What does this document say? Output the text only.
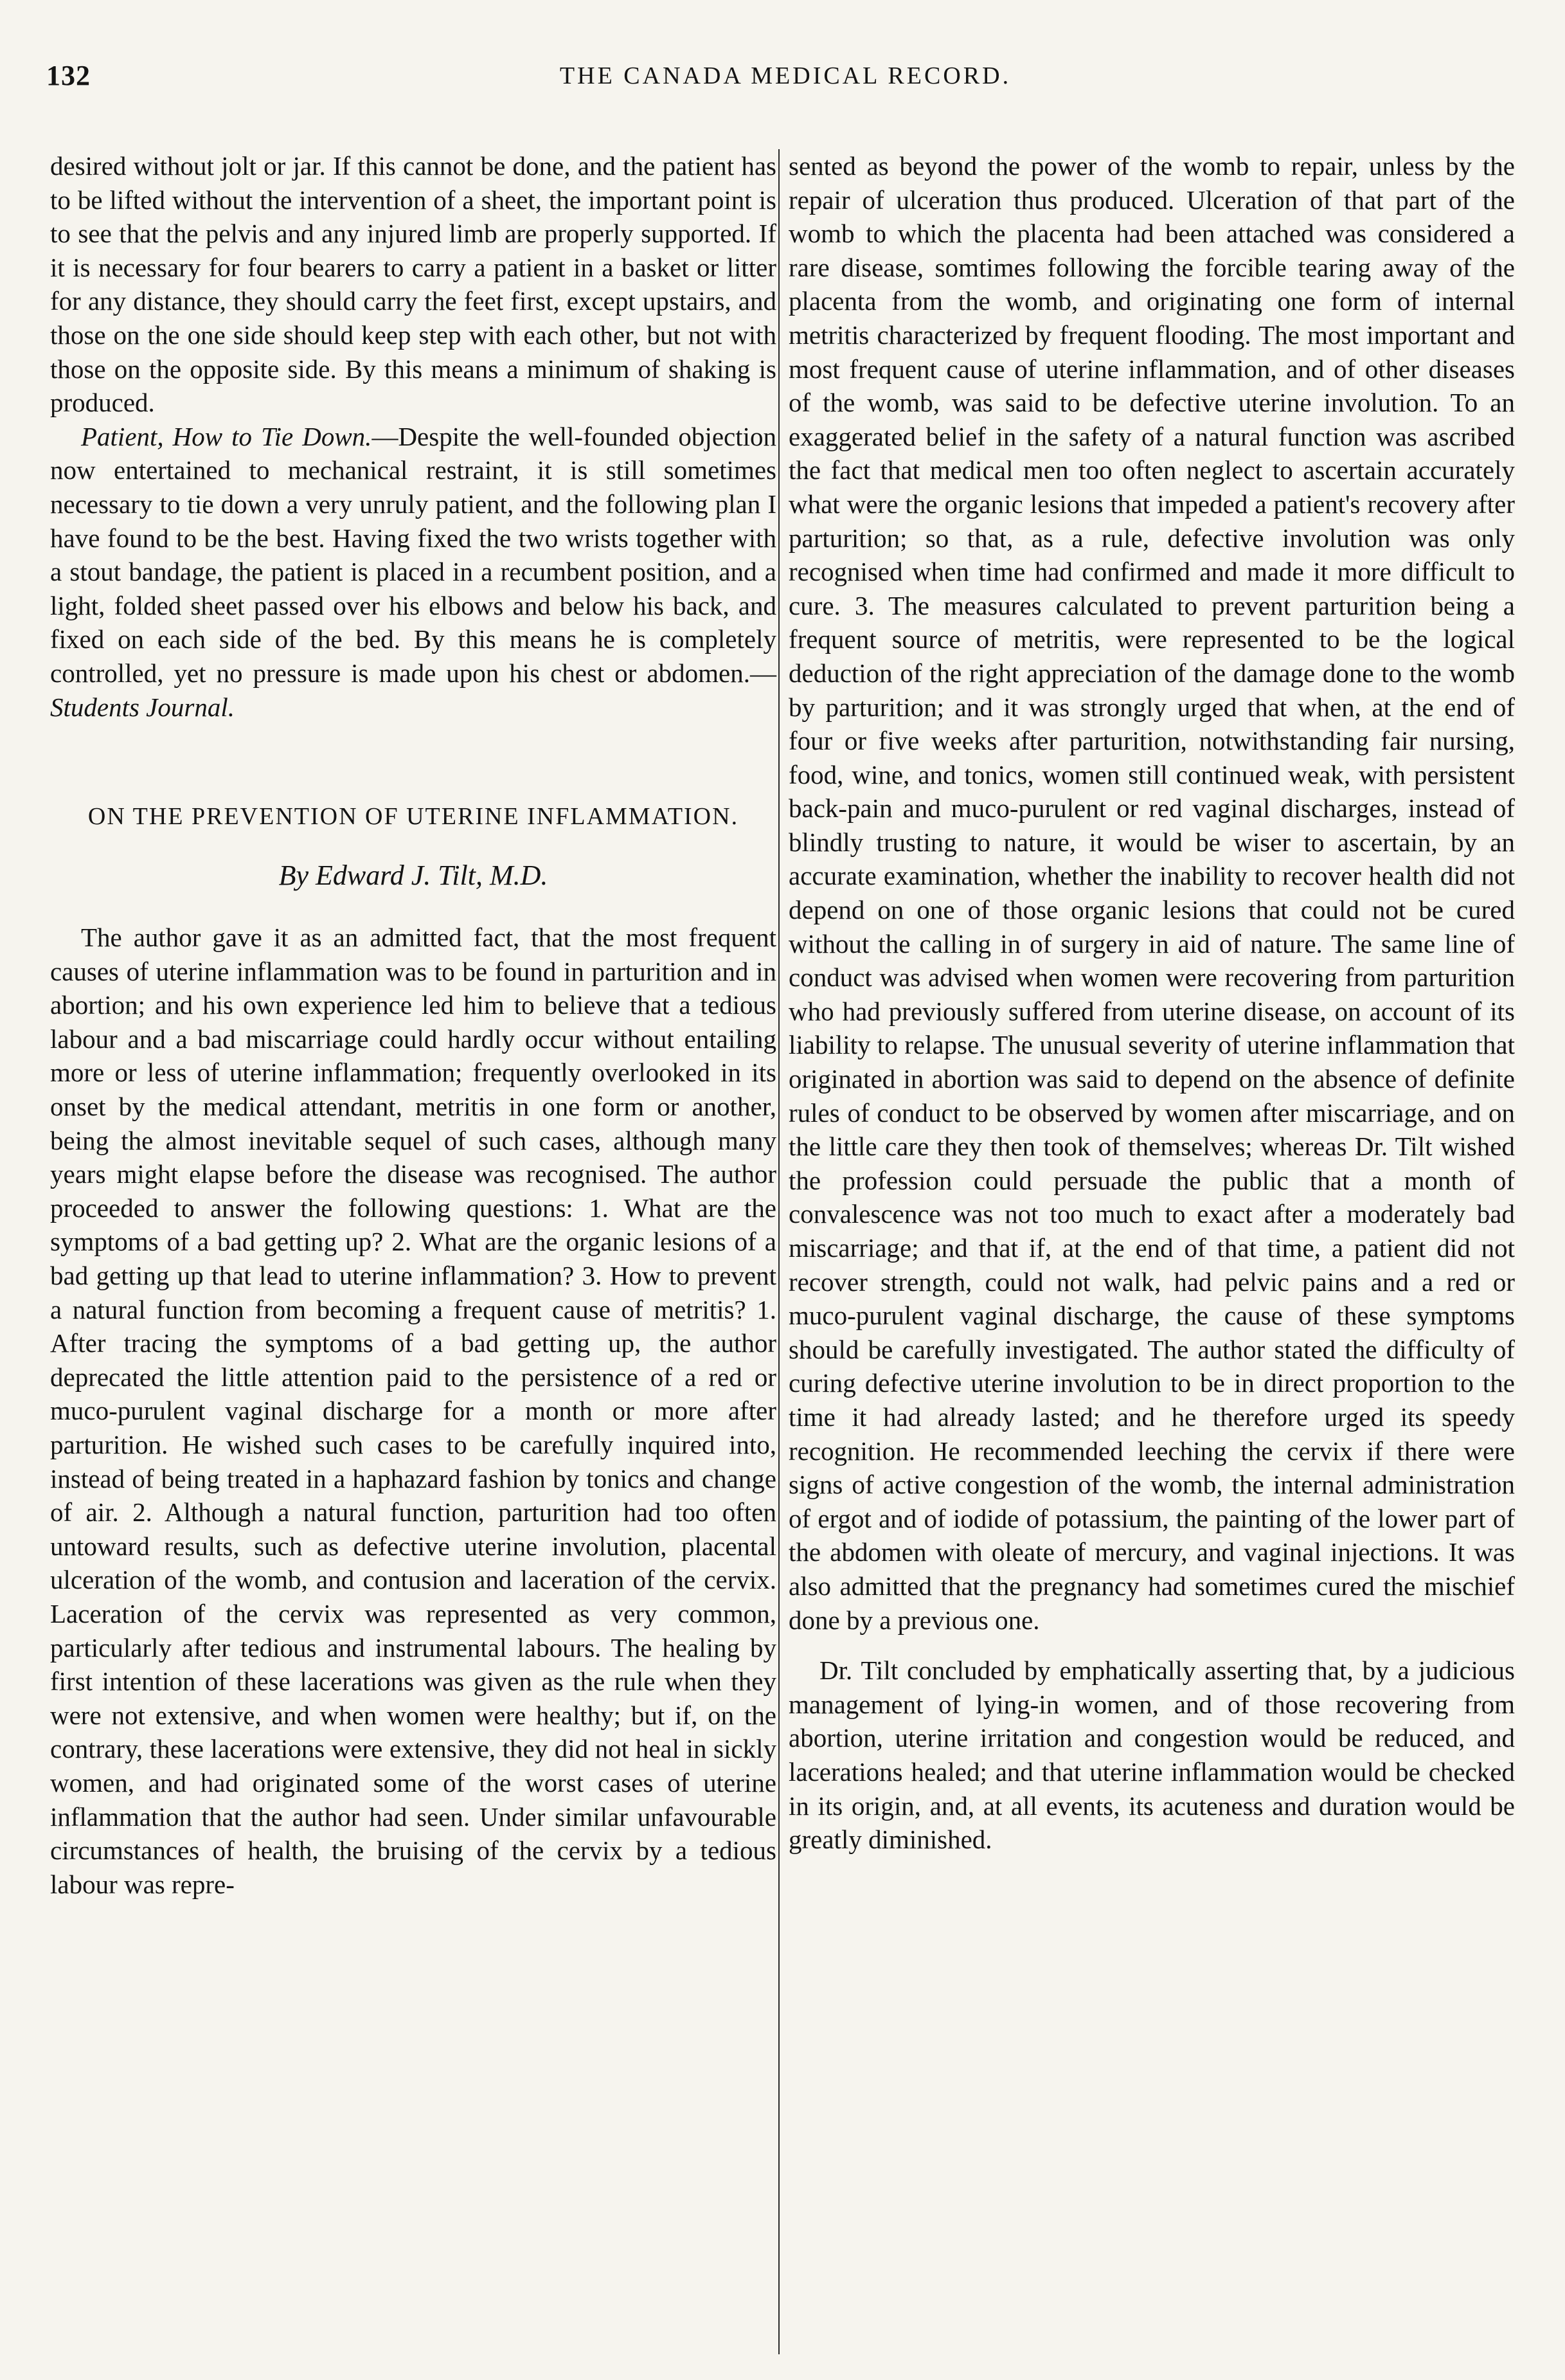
132	THE CANADA MEDICAL RECORD.

desired without jolt or jar. If this cannot be done, and the patient has to be lifted without the intervention of a sheet, the important point is to see that the pelvis and any injured limb are properly supported. If it is necessary for four bearers to carry a patient in a basket or litter for any distance, they should carry the feet first, except upstairs, and those on the one side should keep step with each other, but not with those on the opposite side. By this means a minimum of shaking is produced.

Patient, How to Tie Down.—Despite the well-founded objection now entertained to mechanical restraint, it is still sometimes necessary to tie down a very unruly patient, and the following plan I have found to be the best. Having fixed the two wrists together with a stout bandage, the patient is placed in a recumbent position, and a light, folded sheet passed over his elbows and below his back, and fixed on each side of the bed. By this means he is completely controlled, yet no pressure is made upon his chest or abdomen.—Students Journal.

ON THE PREVENTION OF UTERINE INFLAMMATION.
By Edward J. Tilt, M.D.

The author gave it as an admitted fact, that the most frequent causes of uterine inflammation was to be found in parturition and in abortion; and his own experience led him to believe that a tedious labour and a bad miscarriage could hardly occur without entailing more or less of uterine inflammation; frequently overlooked in its onset by the medical attendant, metritis in one form or another, being the almost inevitable sequel of such cases, although many years might elapse before the disease was recognised. The author proceeded to answer the following questions: 1. What are the symptoms of a bad getting up? 2. What are the organic lesions of a bad getting up that lead to uterine inflammation? 3. How to prevent a natural function from becoming a frequent cause of metritis? 1. After tracing the symptoms of a bad getting up, the author deprecated the little attention paid to the persistence of a red or muco-purulent vaginal discharge for a month or more after parturition. He wished such cases to be carefully inquired into, instead of being treated in a haphazard fashion by tonics and change of air. 2. Although a natural function, parturition had too often untoward results, such as defective uterine involution, placental ulceration of the womb, and contusion and laceration of the cervix. Laceration of the cervix was represented as very common, particularly after tedious and instrumental labours. The healing by first intention of these lacerations was given as the rule when they were not extensive, and when women were healthy; but if, on the contrary, these lacerations were extensive, they did not heal in sickly women, and had originated some of the worst cases of uterine inflammation that the author had seen. Under similar unfavourable circumstances of health, the bruising of the cervix by a tedious labour was repre-

sented as beyond the power of the womb to repair, unless by the repair of ulceration thus produced. Ulceration of that part of the womb to which the placenta had been attached was considered a rare disease, somtimes following the forcible tearing away of the placenta from the womb, and originating one form of internal metritis characterized by frequent flooding. The most important and most frequent cause of uterine inflammation, and of other diseases of the womb, was said to be defective uterine involution. To an exaggerated belief in the safety of a natural function was ascribed the fact that medical men too often neglect to ascertain accurately what were the organic lesions that impeded a patient's recovery after parturition; so that, as a rule, defective involution was only recognised when time had confirmed and made it more difficult to cure. 3. The measures calculated to prevent parturition being a frequent source of metritis, were represented to be the logical deduction of the right appreciation of the damage done to the womb by parturition; and it was strongly urged that when, at the end of four or five weeks after parturition, notwithstanding fair nursing, food, wine, and tonics, women still continued weak, with persistent back-pain and muco-purulent or red vaginal discharges, instead of blindly trusting to nature, it would be wiser to ascertain, by an accurate examination, whether the inability to recover health did not depend on one of those organic lesions that could not be cured without the calling in of surgery in aid of nature. The same line of conduct was advised when women were recovering from parturition who had previously suffered from uterine disease, on account of its liability to relapse. The unusual severity of uterine inflammation that originated in abortion was said to depend on the absence of definite rules of conduct to be observed by women after miscarriage, and on the little care they then took of themselves; whereas Dr. Tilt wished the profession could persuade the public that a month of convalescence was not too much to exact after a moderately bad miscarriage; and that if, at the end of that time, a patient did not recover strength, could not walk, had pelvic pains and a red or muco-purulent vaginal discharge, the cause of these symptoms should be carefully investigated. The author stated the difficulty of curing defective uterine involution to be in direct proportion to the time it had already lasted; and he therefore urged its speedy recognition. He recommended leeching the cervix if there were signs of active congestion of the womb, the internal administration of ergot and of iodide of potassium, the painting of the lower part of the abdomen with oleate of mercury, and vaginal injections. It was also admitted that the pregnancy had sometimes cured the mischief done by a previous one.

Dr. Tilt concluded by emphatically asserting that, by a judicious management of lying-in women, and of those recovering from abortion, uterine irritation and congestion would be reduced, and lacerations healed; and that uterine inflammation would be checked in its origin, and, at all events, its acuteness and duration would be greatly diminished.
